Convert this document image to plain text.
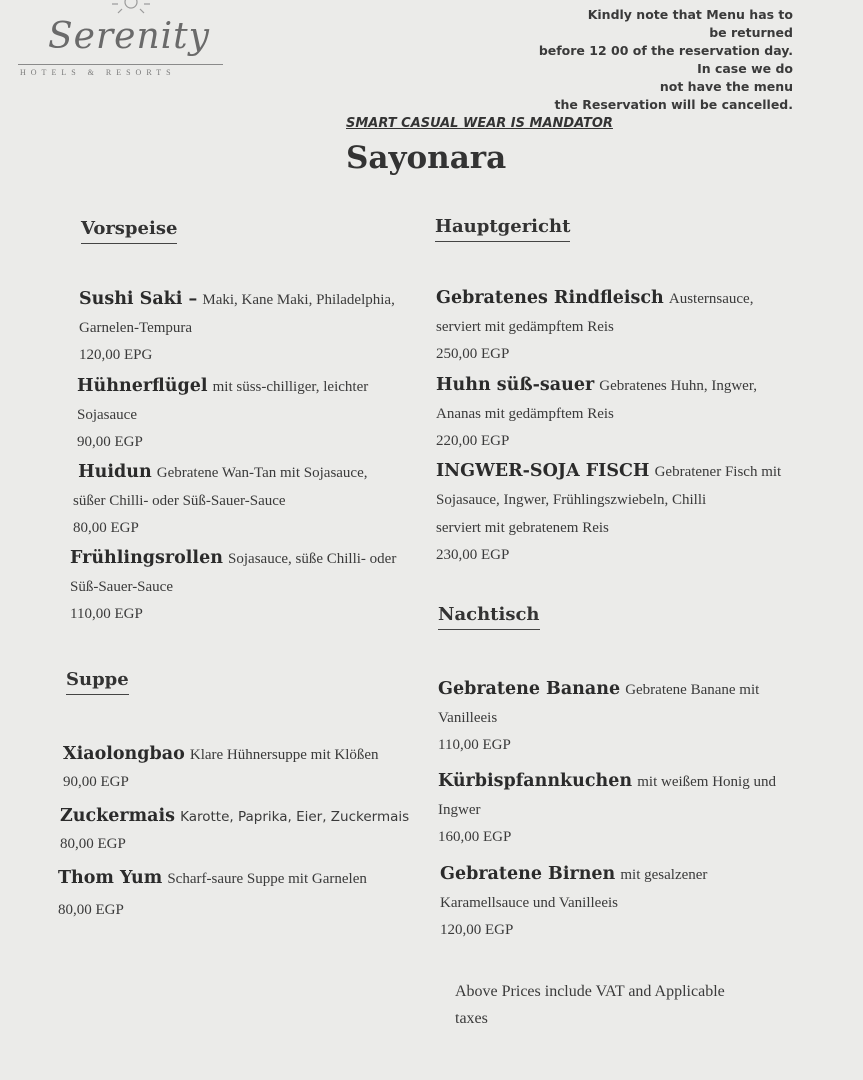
Serenity
HOTELS & RESORTS
Kindly note that Menu has to
be returned
before 12 00 of the reservation day.
In case we do
not have the menu
the Reservation will be cancelled.
SMART CASUAL WEAR IS MANDATOR
Sayonara
Vorspeise
Sushi Saki – Maki, Kane Maki, Philadelphia,
Garnelen-Tempura
120,00 EPG
Hühnerflügel mit süss-chilliger, leichter
Sojasauce
90,00 EGP
Huidun Gebratene Wan-Tan mit Sojasauce,
süßer Chilli- oder Süß-Sauer-Sauce
80,00 EGP
Frühlingsrollen Sojasauce, süße Chilli- oder
Süß-Sauer-Sauce
110,00 EGP
Suppe
Xiaolongbao Klare Hühnersuppe mit Klößen
90,00 EGP
Zuckermais Karotte, Paprika, Eier, Zuckermais
80,00 EGP
Thom Yum Scharf-saure Suppe mit Garnelen
80,00 EGP
Hauptgericht
Gebratenes Rindfleisch Austernsauce,
serviert mit gedämpftem Reis
250,00 EGP
Huhn süß-sauer Gebratenes Huhn, Ingwer,
Ananas mit gedämpftem Reis
220,00 EGP
INGWER-SOJA FISCH Gebratener Fisch mit
Sojasauce, Ingwer, Frühlingszwiebeln, Chilli
serviert mit gebratenem Reis
230,00 EGP
Nachtisch
Gebratene Banane Gebratene Banane mit
Vanilleeis
110,00 EGP
Kürbispfannkuchen mit weißem Honig und
Ingwer
160,00 EGP
Gebratene Birnen mit gesalzener
Karamellsauce und Vanilleeis
120,00 EGP
Above Prices include VAT and Applicable
taxes
